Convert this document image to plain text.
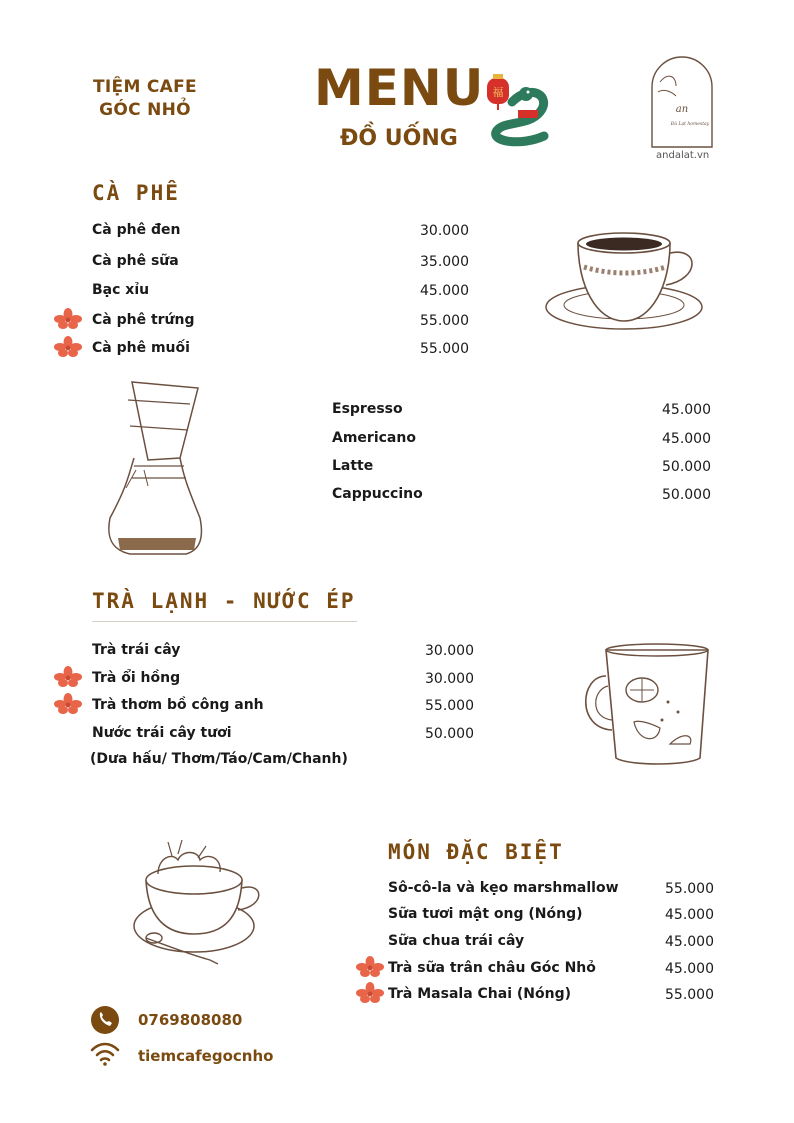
TIỆM CAFE
GÓC NHỎ	MENU
ĐỒ UỐNG
福
an
Đà Lạt homestay
andalat.vn
CÀ PHÊ
Cà phê đen	30.000
Cà phê sữa	35.000
Bạc xỉu	45.000
Cà phê trứng	55.000
Cà phê muối	55.000
Espresso	45.000
Americano	45.000
Latte	50.000
Cappuccino	50.000
TRÀ LẠNH - NƯỚC ÉP
Trà trái cây	30.000
Trà ổi hồng	30.000
Trà thơm bồ công anh	55.000
Nước trái cây tươi	50.000
(Dưa hấu/ Thơm/Táo/Cam/Chanh)
MÓN ĐẶC BIỆT
Sô-cô-la và kẹo marshmallow	55.000
Sữa tươi mật ong (Nóng)	45.000
Sữa chua trái cây	45.000
Trà sữa trân châu Góc Nhỏ	45.000
Trà Masala Chai (Nóng)	55.000
0769808080
tiemcafegocnho
